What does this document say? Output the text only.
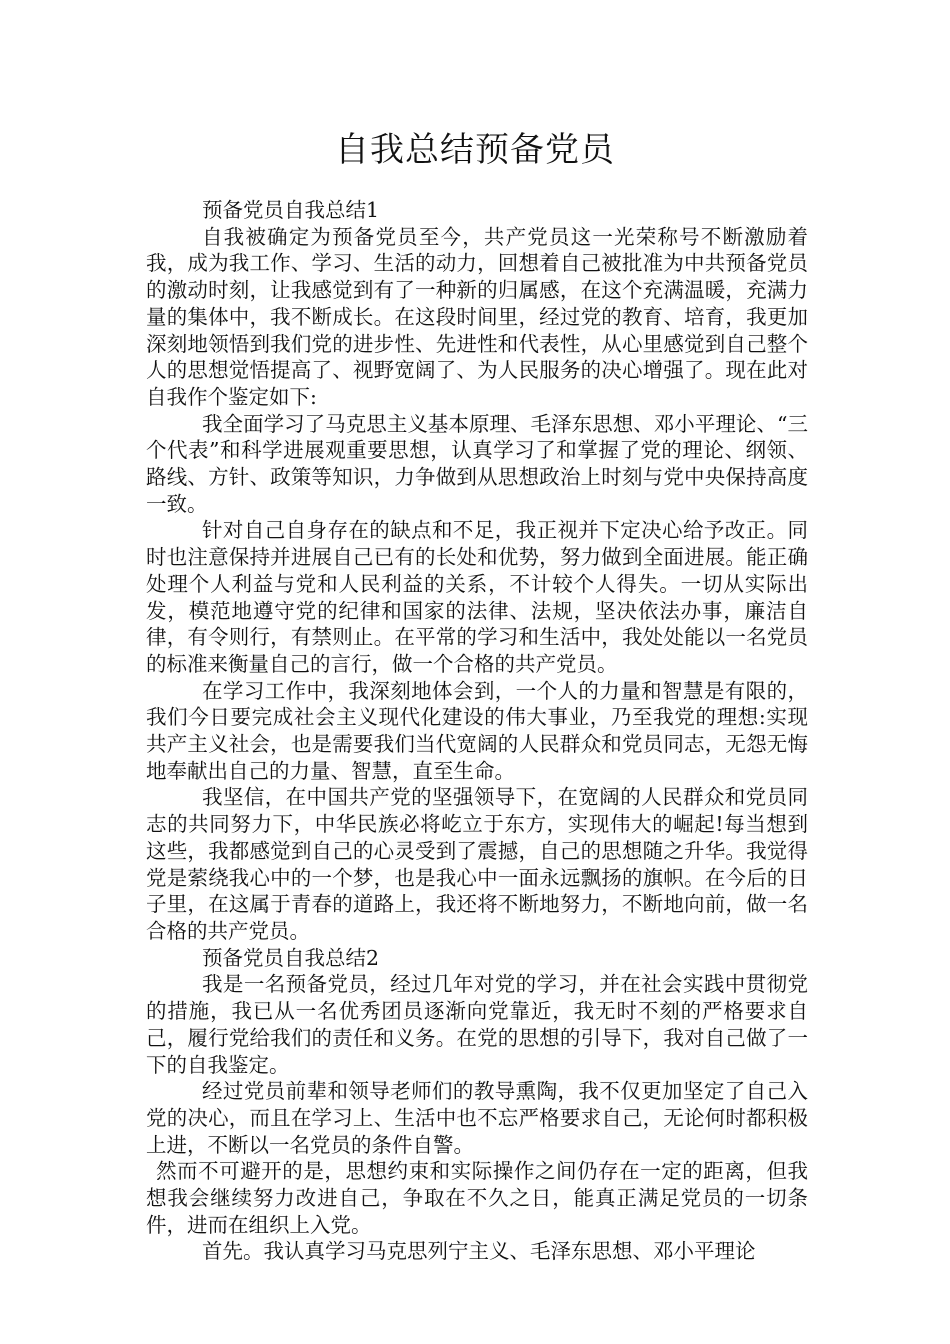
自我总结预备党员

预备党员自我总结1

自我被确定为预备党员至今，共产党员这一光荣称号不断激励着我，成为我工作、学习、生活的动力，回想着自己被批准为中共预备党员的激动时刻，让我感觉到有了一种新的归属感，在这个充满温暖，充满力量的集体中，我不断成长。在这段时间里，经过党的教育、培育，我更加深刻地领悟到我们党的进步性、先进性和代表性，从心里感觉到自己整个人的思想觉悟提高了、视野宽阔了、为人民服务的决心增强了。现在此对自我作个鉴定如下:

我全面学习了马克思主义基本原理、毛泽东思想、邓小平理论、“三个代表”和科学进展观重要思想，认真学习了和掌握了党的理论、纲领、路线、方针、政策等知识，力争做到从思想政治上时刻与党中央保持高度一致。

针对自己自身存在的缺点和不足，我正视并下定决心给予改正。同时也注意保持并进展自己已有的长处和优势，努力做到全面进展。能正确处理个人利益与党和人民利益的关系，不计较个人得失。一切从实际出发，模范地遵守党的纪律和国家的法律、法规，坚决依法办事，廉洁自律，有令则行，有禁则止。在平常的学习和生活中，我处处能以一名党员的标准来衡量自己的言行，做一个合格的共产党员。

在学习工作中，我深刻地体会到，一个人的力量和智慧是有限的，我们今日要完成社会主义现代化建设的伟大事业，乃至我党的理想:实现共产主义社会，也是需要我们当代宽阔的人民群众和党员同志，无怨无悔地奉献出自己的力量、智慧，直至生命。

我坚信，在中国共产党的坚强领导下，在宽阔的人民群众和党员同志的共同努力下，中华民族必将屹立于东方，实现伟大的崛起!每当想到这些，我都感觉到自己的心灵受到了震撼，自己的思想随之升华。我觉得党是萦绕我心中的一个梦，也是我心中一面永远飘扬的旗帜。在今后的日子里，在这属于青春的道路上，我还将不断地努力，不断地向前，做一名合格的共产党员。

预备党员自我总结2

我是一名预备党员，经过几年对党的学习，并在社会实践中贯彻党的措施，我已从一名优秀团员逐渐向党靠近，我无时不刻的严格要求自己，履行党给我们的责任和义务。在党的思想的引导下，我对自己做了一下的自我鉴定。

经过党员前辈和领导老师们的教导熏陶，我不仅更加坚定了自己入党的决心，而且在学习上、生活中也不忘严格要求自己，无论何时都积极上进，不断以一名党员的条件自警。

然而不可避开的是，思想约束和实际操作之间仍存在一定的距离，但我想我会继续努力改进自己，争取在不久之日，能真正满足党员的一切条件，进而在组织上入党。

首先。我认真学习马克思列宁主义、毛泽东思想、邓小平理论
